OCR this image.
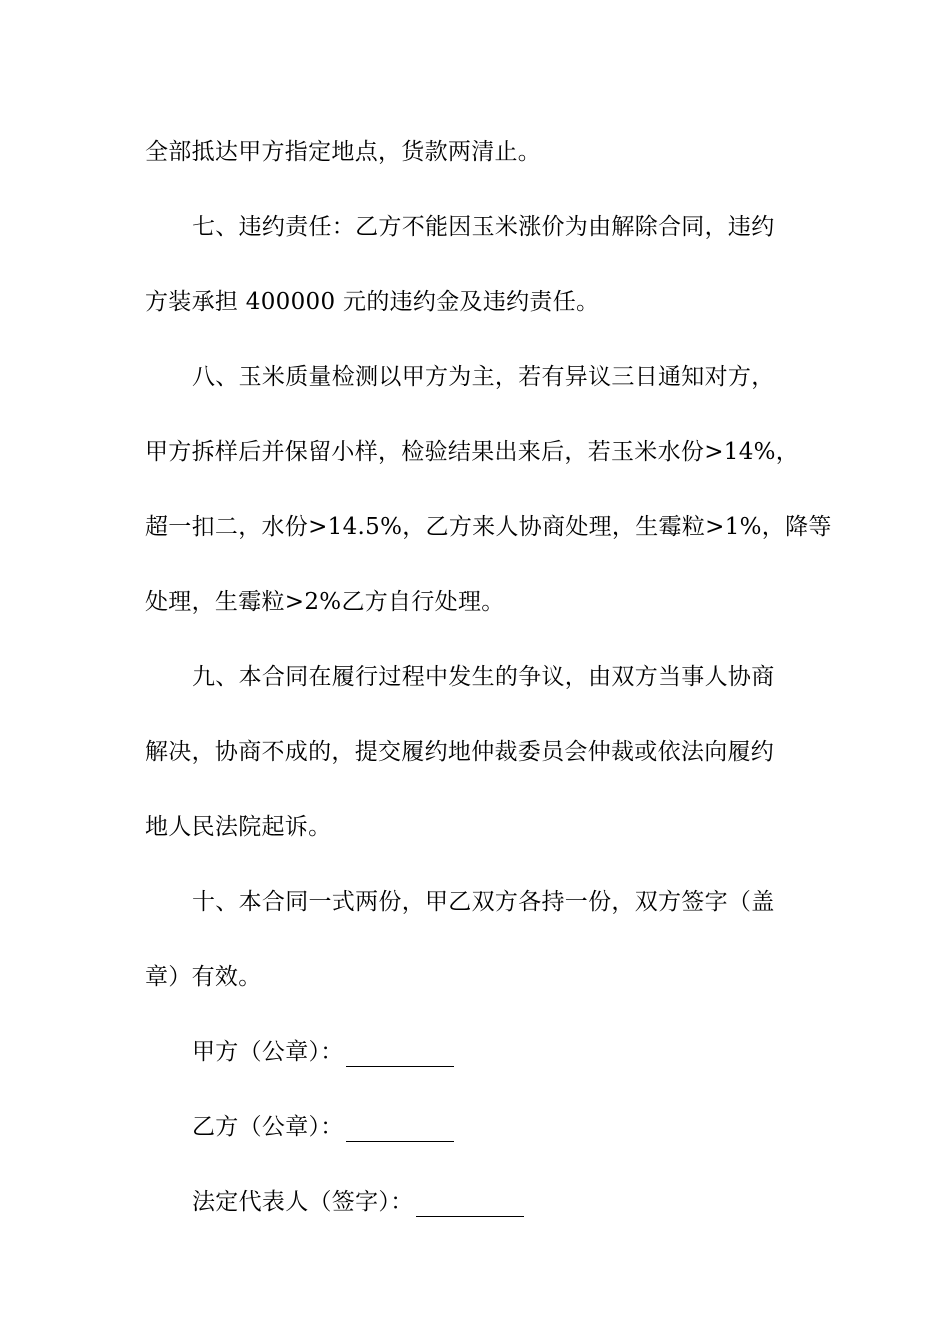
全部抵达甲方指定地点，货款两清止。
七、违约责任：乙方不能因玉米涨价为由解除合同，违约
方装承担 400000 元的违约金及违约责任。
八、玉米质量检测以甲方为主，若有异议三日通知对方，
甲方拆样后并保留小样，检验结果出来后，若玉米水份>14%，
超一扣二，水份>14.5%，乙方来人协商处理，生霉粒>1%，降等
处理，生霉粒>2%乙方自行处理。
九、本合同在履行过程中发生的争议，由双方当事人协商
解决，协商不成的，提交履约地仲裁委员会仲裁或依法向履约
地人民法院起诉。
十、本合同一式两份，甲乙双方各持一份，双方签字（盖
章）有效。
甲方（公章）：
乙方（公章）：
法定代表人（签字）：
